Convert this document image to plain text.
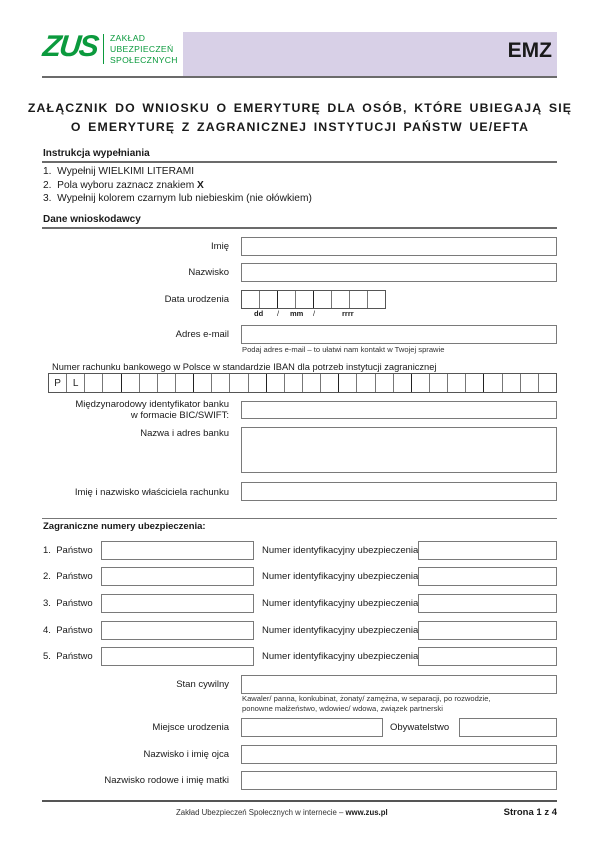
ZUS ZAKŁAD
UBEZPIECZEŃ
SPOŁECZNYCH	EMZ
ZAŁĄCZNIK DO WNIOSKU O EMERYTURĘ DLA OSÓB, KTÓRE UBIEGAJĄ SIĘ
O EMERYTURĘ Z ZAGRANICZNEJ INSTYTUCJI PAŃSTW UE/EFTA
Instrukcja wypełniania
1. Wypełnij WIELKIMI LITERAMI
2. Pola wyboru zaznacz znakiem X
3. Wypełnij kolorem czarnym lub niebieskim (nie ołówkiem)
Dane wnioskodawcy
Imię
Nazwisko
Data urodzenia
dd / mm /	rrrr
Adres e-mail
Podaj adres e-mail – to ułatwi nam kontakt w Twojej sprawie
Numer rachunku bankowego w Polsce w standardzie IBAN dla potrzeb instytucji zagranicznej
P	L
Międzynarodowy identyfikator banku
w formacie BIC/SWIFT:
Nazwa i adres banku
Imię i nazwisko właściciela rachunku
Zagraniczne numery ubezpieczenia:
1. Państwo	Numer identyfikacyjny ubezpieczenia
2. Państwo	Numer identyfikacyjny ubezpieczenia
3. Państwo	Numer identyfikacyjny ubezpieczenia
4. Państwo	Numer identyfikacyjny ubezpieczenia
5. Państwo	Numer identyfikacyjny ubezpieczenia
Stan cywilny
Kawaler/ panna, konkubinat, żonaty/ zamężna, w separacji, po rozwodzie,
ponowne małżeństwo, wdowiec/ wdowa, związek partnerski
Miejsce urodzenia	Obywatelstwo
Nazwisko i imię ojca
Nazwisko rodowe i imię matki
Zakład Ubezpieczeń Społecznych w internecie – www.zus.pl	Strona 1 z 4
